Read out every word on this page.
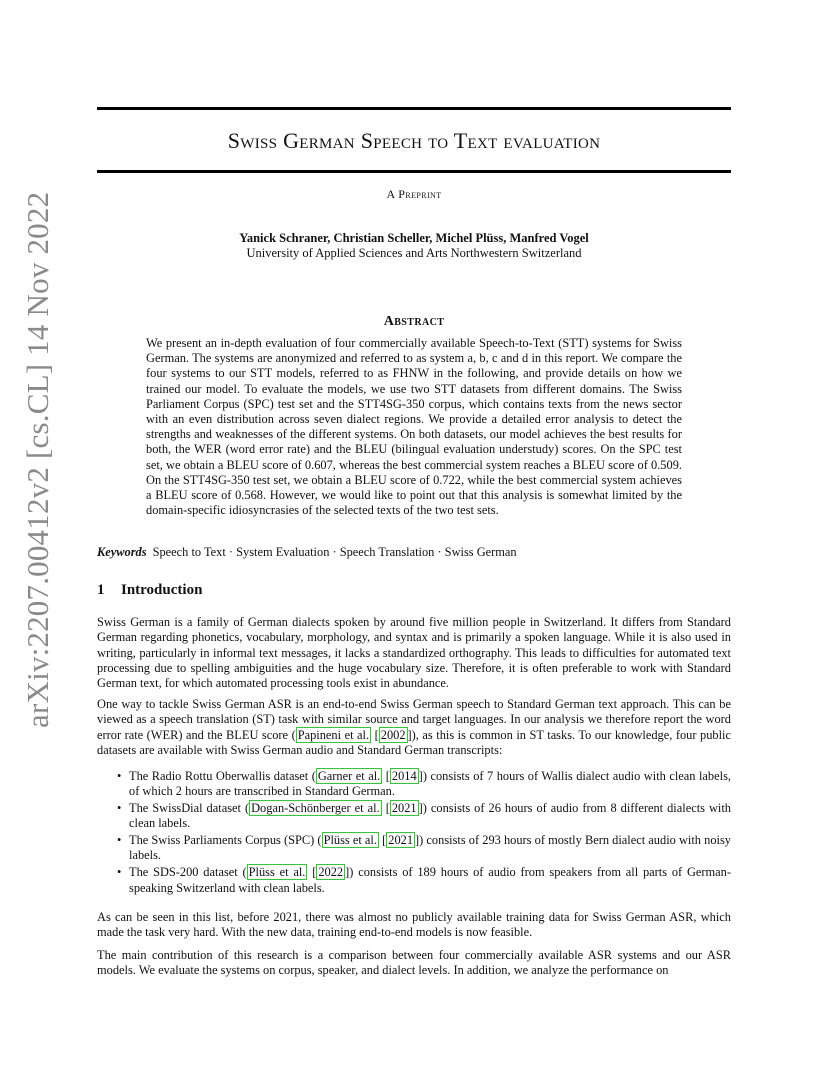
arXiv:2207.00412v2 [cs.CL] 14 Nov 2022
Swiss German Speech to Text evaluation
A Preprint
Yanick Schraner, Christian Scheller, Michel Plüss, Manfred Vogel
University of Applied Sciences and Arts Northwestern Switzerland
Abstract
We present an in-depth evaluation of four commercially available Speech-to-Text (STT) systems for Swiss German. The systems are anonymized and referred to as system a, b, c and d in this report. We compare the four systems to our STT models, referred to as FHNW in the following, and provide details on how we trained our model. To evaluate the models, we use two STT datasets from different domains. The Swiss Parliament Corpus (SPC) test set and the STT4SG-350 corpus, which contains texts from the news sector with an even distribution across seven dialect regions. We provide a detailed error analysis to detect the strengths and weaknesses of the different systems. On both datasets, our model achieves the best results for both, the WER (word error rate) and the BLEU (bilingual evaluation understudy) scores. On the SPC test set, we obtain a BLEU score of 0.607, whereas the best commercial system reaches a BLEU score of 0.509. On the STT4SG-350 test set, we obtain a BLEU score of 0.722, while the best commercial system achieves a BLEU score of 0.568. However, we would like to point out that this analysis is somewhat limited by the domain-specific idiosyncrasies of the selected texts of the two test sets.
Keywords Speech to Text · System Evaluation · Speech Translation · Swiss German
1 Introduction
Swiss German is a family of German dialects spoken by around five million people in Switzerland. It differs from Standard German regarding phonetics, vocabulary, morphology, and syntax and is primarily a spoken language. While it is also used in writing, particularly in informal text messages, it lacks a standardized orthography. This leads to difficulties for automated text processing due to spelling ambiguities and the huge vocabulary size. Therefore, it is often preferable to work with Standard German text, for which automated processing tools exist in abundance.
One way to tackle Swiss German ASR is an end-to-end Swiss German speech to Standard German text approach. This can be viewed as a speech translation (ST) task with similar source and target languages. In our analysis we therefore report the word error rate (WER) and the BLEU score ( Papineni et al. [ 2002 ]), as this is common in ST tasks. To our knowledge, four public datasets are available with Swiss German audio and Standard German transcripts:
• The Radio Rottu Oberwallis dataset ( Garner et al. [ 2014 ]) consists of 7 hours of Wallis dialect audio with clean labels, of which 2 hours are transcribed in Standard German.
• The SwissDial dataset ( Dogan-Schönberger et al. [ 2021 ]) consists of 26 hours of audio from 8 different dialects with clean labels.
• The Swiss Parliaments Corpus (SPC) ( Plüss et al. [ 2021 ]) consists of 293 hours of mostly Bern dialect audio with noisy labels.
• The SDS-200 dataset ( Plüss et al. [ 2022 ]) consists of 189 hours of audio from speakers from all parts of German-speaking Switzerland with clean labels.
As can be seen in this list, before 2021, there was almost no publicly available training data for Swiss German ASR, which made the task very hard. With the new data, training end-to-end models is now feasible.
The main contribution of this research is a comparison between four commercially available ASR systems and our ASR models. We evaluate the systems on corpus, speaker, and dialect levels. In addition, we analyze the performance on
